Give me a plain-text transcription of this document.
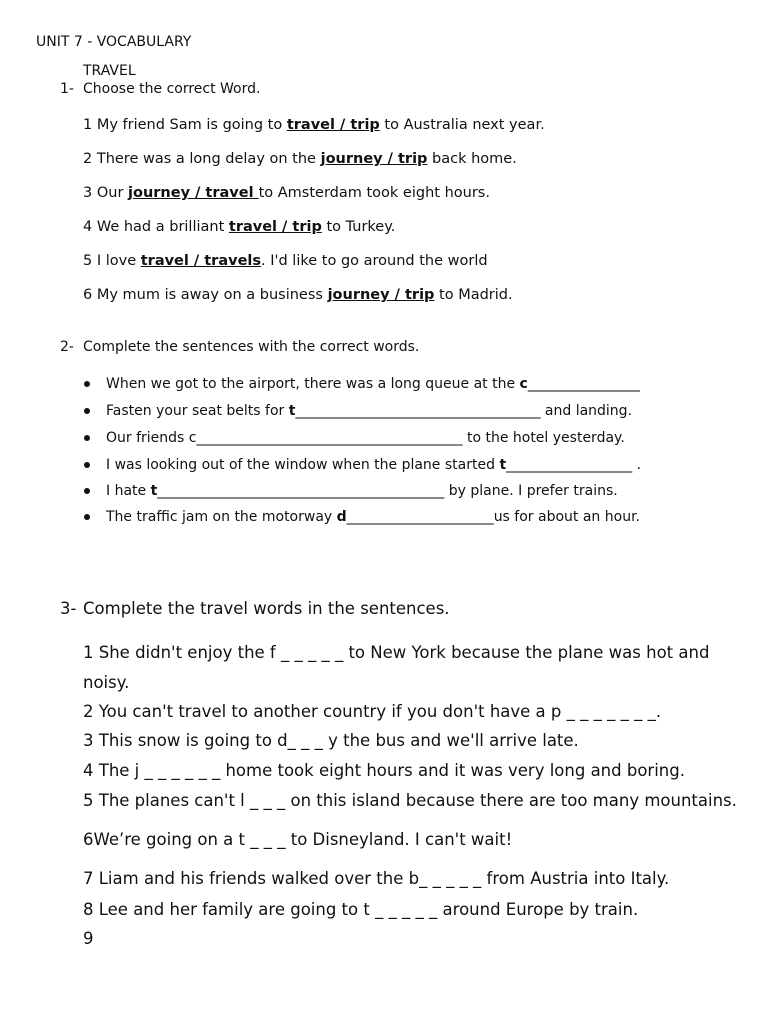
UNIT 7 - VOCABULARY
TRAVEL
1- Choose the correct Word.
1 My friend Sam is going to travel / trip to Australia next year.
2 There was a long delay on the journey / trip back home.
3 Our journey / travel to Amsterdam took eight hours.
4 We had a brilliant travel / trip to Turkey.
5 I love travel / travels. I'd like to go around the world
6 My mum is away on a business journey / trip to Madrid.
2- Complete the sentences with the correct words.
When we got to the airport, there was a long queue at the c________________
Fasten your seat belts for t___________________________________ and landing.
Our friends c______________________________________ to the hotel yesterday.
I was looking out of the window when the plane started t__________________ .
I hate t_________________________________________ by plane. I prefer trains.
The traffic jam on the motorway d_____________________us for about an hour.
3- Complete the travel words in the sentences.
1 She didn't enjoy the f _ _ _ _ _ to New York because the plane was hot and
noisy.
2 You can't travel to another country if you don't have a p _ _ _ _ _ _ _.
3 This snow is going to d_ _ _ y the bus and we'll arrive late.
4 The j _ _ _ _ _ _ home took eight hours and it was very long and boring.
5 The planes can't l _ _ _ on this island because there are too many mountains.
6We’re going on a t _ _ _ to Disneyland. I can't wait!
7 Liam and his friends walked over the b_ _ _ _ _ from Austria into Italy.
8 Lee and her family are going to t _ _ _ _ _ around Europe by train.
9
